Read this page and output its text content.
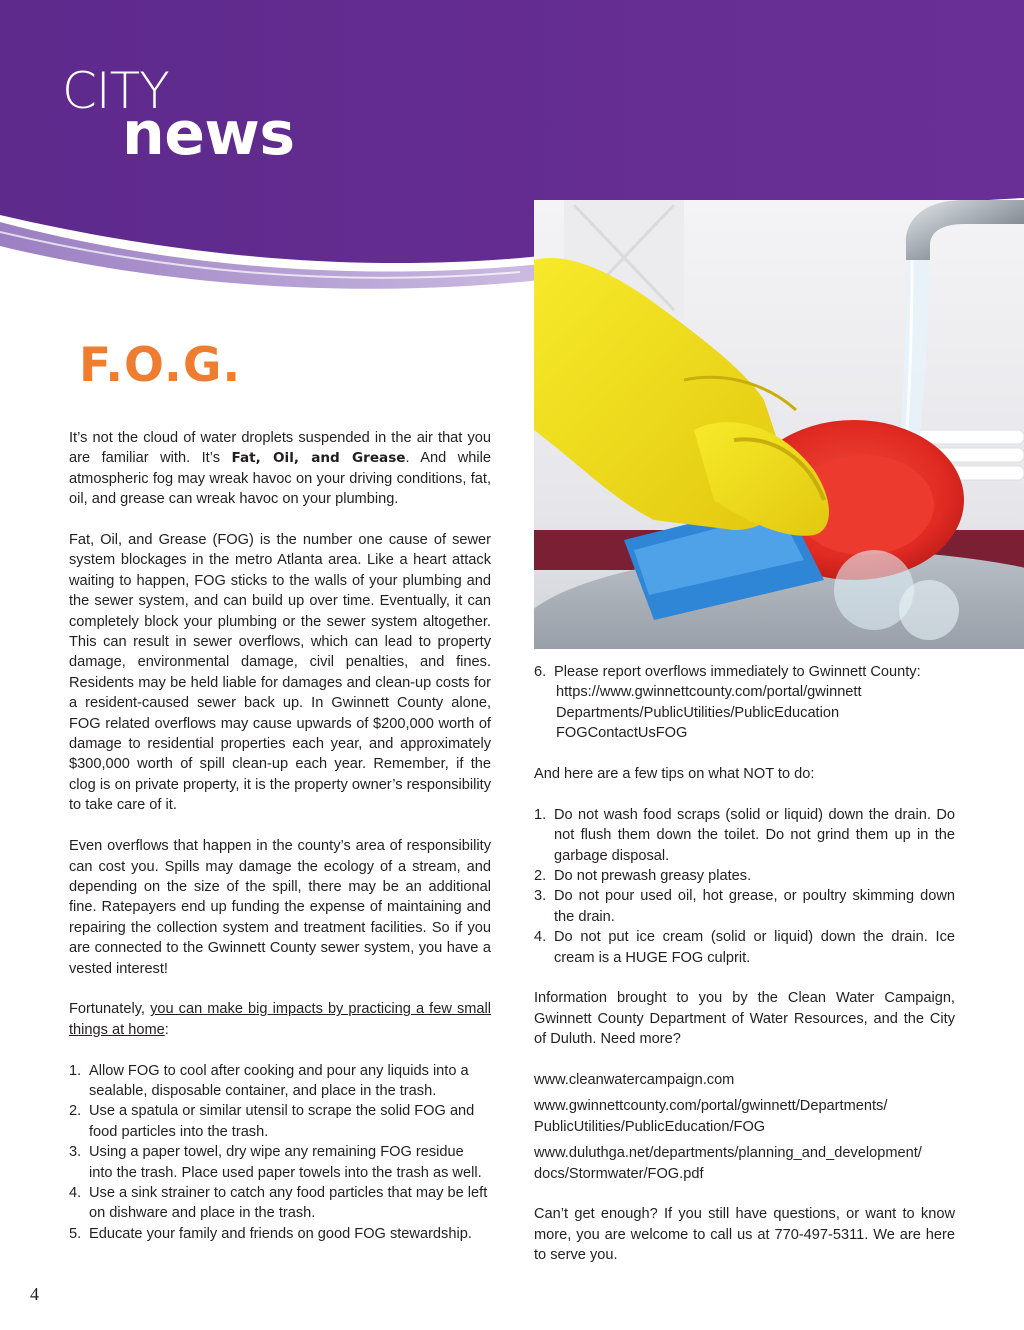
CITY
news
F.O.G.

It’s not the cloud of water droplets suspended in the air that you are familiar with. It’s Fat, Oil, and Grease. And while atmospheric fog may wreak havoc on your driving conditions, fat, oil, and grease can wreak havoc on your plumbing.

Fat, Oil, and Grease (FOG) is the number one cause of sewer system blockages in the metro Atlanta area. Like a heart attack waiting to happen, FOG sticks to the walls of your plumbing and the sewer system, and can build up over time. Eventually, it can completely block your plumbing or the sewer system altogether. This can result in sewer overflows, which can lead to property damage, environmental damage, civil penalties, and fines. Residents may be held liable for damages and clean-up costs for a resident-caused sewer back up. In Gwinnett County alone, FOG related overflows may cause upwards of $200,000 worth of damage to residential properties each year, and approximately $300,000 worth of spill clean-up each year. Remember, if the clog is on private property, it is the property owner’s responsibility to take care of it.

Even overflows that happen in the county’s area of responsibility can cost you. Spills may damage the ecology of a stream, and depending on the size of the spill, there may be an additional fine. Ratepayers end up funding the expense of maintaining and repairing the collection system and treatment facilities. So if you are connected to the Gwinnett County sewer system, you have a vested interest!

Fortunately, you can make big impacts by practicing a few small things at home:

1. Allow FOG to cool after cooking and pour any liquids into a sealable, disposable container, and place in the trash.
2. Use a spatula or similar utensil to scrape the solid FOG and food particles into the trash.
3. Using a paper towel, dry wipe any remaining FOG residue into the trash. Place used paper towels into the trash as well.
4. Use a sink strainer to catch any food particles that may be left on dishware and place in the trash.
5. Educate your family and friends on good FOG stewardship.
6. Please report overflows immediately to Gwinnett County:
https://www.gwinnettcounty.com/portal/gwinnett
Departments/PublicUtilities/PublicEducation
FOGContactUsFOG

And here are a few tips on what NOT to do:

1. Do not wash food scraps (solid or liquid) down the drain. Do not flush them down the toilet. Do not grind them up in the garbage disposal.
2. Do not prewash greasy plates.
3. Do not pour used oil, hot grease, or poultry skimming down the drain.
4. Do not put ice cream (solid or liquid) down the drain. Ice cream is a HUGE FOG culprit.

Information brought to you by the Clean Water Campaign, Gwinnett County Department of Water Resources, and the City of Duluth. Need more?

www.cleanwatercampaign.com

www.gwinnettcounty.com/portal/gwinnett/Departments/ PublicUtilities/PublicEducation/FOG

www.duluthga.net/departments/planning_and_development/ docs/Stormwater/FOG.pdf

Can’t get enough? If you still have questions, or want to know more, you are welcome to call us at 770-497-5311. We are here to serve you.

4
